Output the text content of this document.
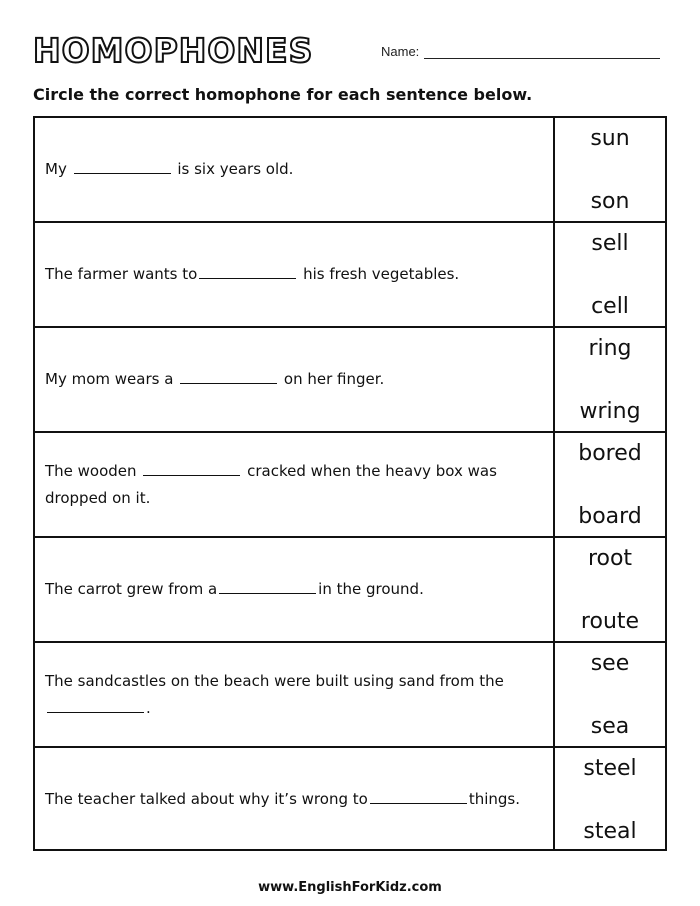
HOMOPHONES	Name:
Circle the correct homophone for each sentence below.
My	is six years old.
sun
son
The farmer wants to	his fresh vegetables.
sell
cell
My mom wears a	on her finger.
ring
wring
The wooden	cracked when the heavy box was dropped on it.
bored
board
The carrot grew from a	in the ground.
root
route
The sandcastles on the beach were built using sand from the .
see
sea
The teacher talked about why it’s wrong to	things.
steel
steal
www.EnglishForKidz.com
